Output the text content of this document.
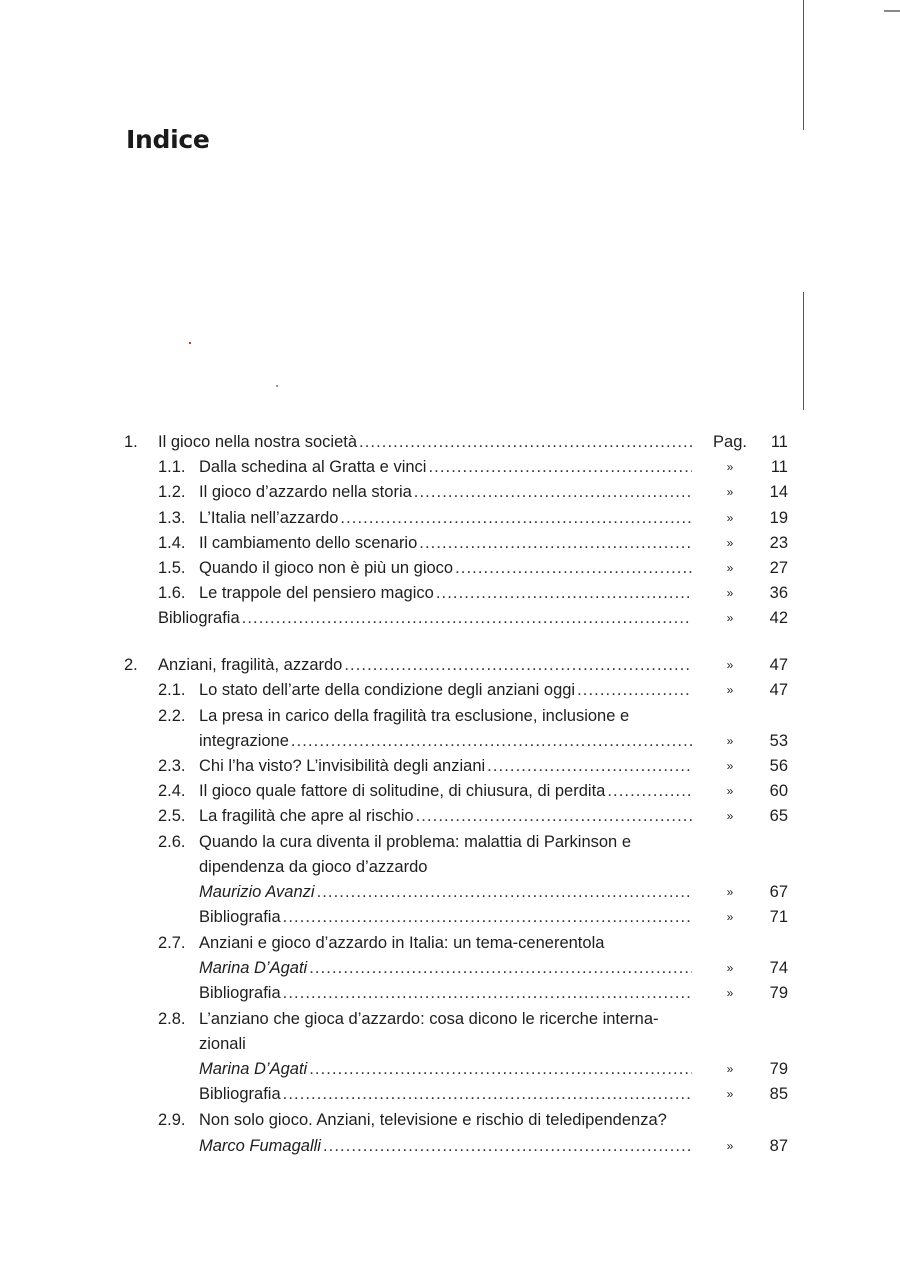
Indice
1. Il gioco nella nostra società .....	Pag.	11
1.1. Dalla schedina al Gratta e vinci .....	»	11
1.2. Il gioco d’azzardo nella storia .....	»	14
1.3. L’Italia nell’azzardo .....	»	19
1.4. Il cambiamento dello scenario .....	»	23
1.5. Quando il gioco non è più un gioco .....	»	27
1.6. Le trappole del pensiero magico .....	»	36
Bibliografia .....	»	42
2. Anziani, fragilità, azzardo .....	»	47
2.1. Lo stato dell’arte della condizione degli anziani oggi .....	»	47
2.2. La presa in carico della fragilità tra esclusione, inclusione e
integrazione .....	»	53
2.3. Chi l’ha visto? L’invisibilità degli anziani .....	»	56
2.4. Il gioco quale fattore di solitudine, di chiusura, di perdita .....	»	60
2.5. La fragilità che apre al rischio .....	»	65
2.6. Quando la cura diventa il problema: malattia di Parkinson e
dipendenza da gioco d’azzardo
Maurizio Avanzi .....	»	67
Bibliografia .....	»	71
2.7. Anziani e gioco d’azzardo in Italia: un tema-cenerentola
Marina D’Agati .....	»	74
Bibliografia .....	»	79
2.8. L’anziano che gioca d’azzardo: cosa dicono le ricerche interna-
zionali
Marina D’Agati .....	»	79
Bibliografia .....	»	85
2.9. Non solo gioco. Anziani, televisione e rischio di teledipendenza?
Marco Fumagalli .....	»	87
